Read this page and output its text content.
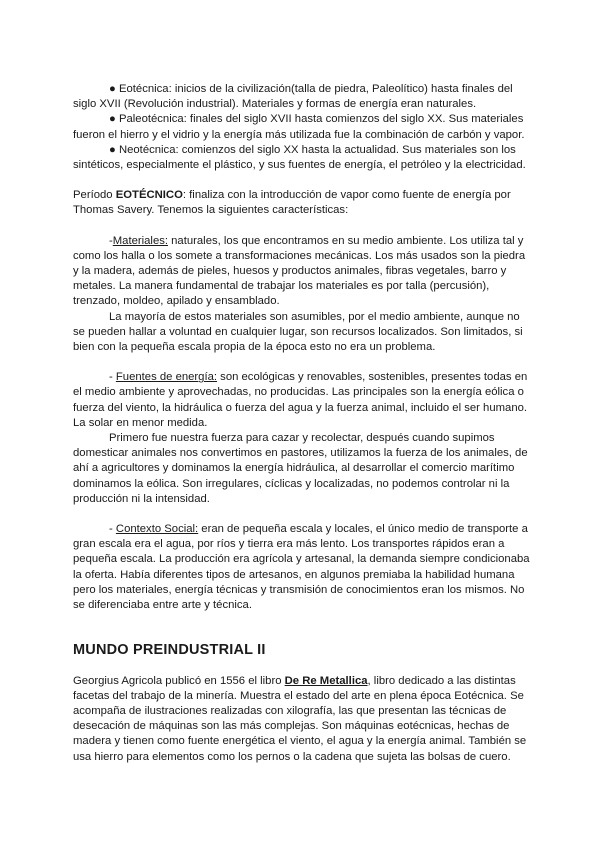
● Eotécnica: inicios de la civilización(talla de piedra, Paleolítico) hasta finales del siglo XVII (Revolución industrial). Materiales y formas de energía eran naturales.

● Paleotécnica: finales del siglo XVII hasta comienzos del siglo XX. Sus materiales fueron el hierro y el vidrio y la energía más utilizada fue la combinación de carbón y vapor.

● Neotécnica: comienzos del siglo XX hasta la actualidad. Sus materiales son los sintéticos, especialmente el plástico, y sus fuentes de energía, el petróleo y la electricidad.

Período EOTÉCNICO: finaliza con la introducción de vapor como fuente de energía por Thomas Savery. Tenemos la siguientes características:

-Materiales: naturales, los que encontramos en su medio ambiente. Los utiliza tal y como los halla o los somete a transformaciones mecánicas. Los más usados son la piedra y la madera, además de pieles, huesos y productos animales, fibras vegetales, barro y metales. La manera fundamental de trabajar los materiales es por talla (percusión), trenzado, moldeo, apilado y ensamblado.

La mayoría de estos materiales son asumibles, por el medio ambiente, aunque no se pueden hallar a voluntad en cualquier lugar, son recursos localizados. Son limitados, si bien con la pequeña escala propia de la época esto no era un problema.

- Fuentes de energía: son ecológicas y renovables, sostenibles, presentes todas en el medio ambiente y aprovechadas, no producidas. Las principales son la energía eólica o fuerza del viento, la hidráulica o fuerza del agua y la fuerza animal, incluido el ser humano. La solar en menor medida.

Primero fue nuestra fuerza para cazar y recolectar, después cuando supimos domesticar animales nos convertimos en pastores, utilizamos la fuerza de los animales, de ahí a agricultores y dominamos la energía hidráulica, al desarrollar el comercio marítimo dominamos la eólica. Son irregulares, cíclicas y localizadas, no podemos controlar ni la producción ni la intensidad.

- Contexto Social: eran de pequeña escala y locales, el único medio de transporte a gran escala era el agua, por ríos y tierra era más lento. Los transportes rápidos eran a pequeña escala. La producción era agrícola y artesanal, la demanda siempre condicionaba la oferta. Había diferentes tipos de artesanos, en algunos premiaba la habilidad humana pero los materiales, energía técnicas y transmisión de conocimientos eran los mismos. No se diferenciaba entre arte y técnica.

MUNDO PREINDUSTRIAL II

Georgius Agricola publicó en 1556 el libro De Re Metallica, libro dedicado a las distintas facetas del trabajo de la minería. Muestra el estado del arte en plena época Eotécnica. Se acompaña de ilustraciones realizadas con xilografía, las que presentan las técnicas de desecación de máquinas son las más complejas. Son máquinas eotécnicas, hechas de madera y tienen como fuente energética el viento, el agua y la energía animal. También se usa hierro para elementos como los pernos o la cadena que sujeta las bolsas de cuero.
